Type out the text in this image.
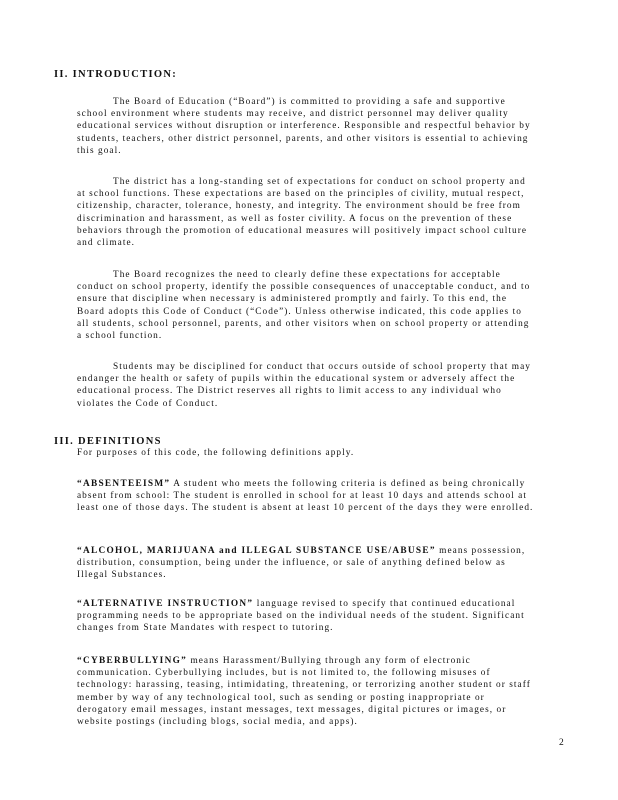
II. INTRODUCTION:

The Board of Education (“Board”) is committed to providing a safe and supportive school environment where students may receive, and district personnel may deliver quality educational services without disruption or interference. Responsible and respectful behavior by students, teachers, other district personnel, parents, and other visitors is essential to achieving this goal.

The district has a long-standing set of expectations for conduct on school property and at school functions. These expectations are based on the principles of civility, mutual respect, citizenship, character, tolerance, honesty, and integrity. The environment should be free from discrimination and harassment, as well as foster civility. A focus on the prevention of these behaviors through the promotion of educational measures will positively impact school culture and climate.

The Board recognizes the need to clearly define these expectations for acceptable conduct on school property, identify the possible consequences of unacceptable conduct, and to ensure that discipline when necessary is administered promptly and fairly. To this end, the Board adopts this Code of Conduct (“Code”). Unless otherwise indicated, this code applies to all students, school personnel, parents, and other visitors when on school property or attending a school function.

Students may be disciplined for conduct that occurs outside of school property that may endanger the health or safety of pupils within the educational system or adversely affect the educational process. The District reserves all rights to limit access to any individual who violates the Code of Conduct.

III. DEFINITIONS
For purposes of this code, the following definitions apply.

“ABSENTEEISM” A student who meets the following criteria is defined as being chronically absent from school: The student is enrolled in school for at least 10 days and attends school at least one of those days. The student is absent at least 10 percent of the days they were enrolled.

“ALCOHOL, MARIJUANA and ILLEGAL SUBSTANCE USE/ABUSE” means possession, distribution, consumption, being under the influence, or sale of anything defined below as Illegal Substances.

“ALTERNATIVE INSTRUCTION” language revised to specify that continued educational programming needs to be appropriate based on the individual needs of the student. Significant changes from State Mandates with respect to tutoring.

“CYBERBULLYING” means Harassment/Bullying through any form of electronic communication. Cyberbullying includes, but is not limited to, the following misuses of technology: harassing, teasing, intimidating, threatening, or terrorizing another student or staff member by way of any technological tool, such as sending or posting inappropriate or derogatory email messages, instant messages, text messages, digital pictures or images, or website postings (including blogs, social media, and apps).

2
